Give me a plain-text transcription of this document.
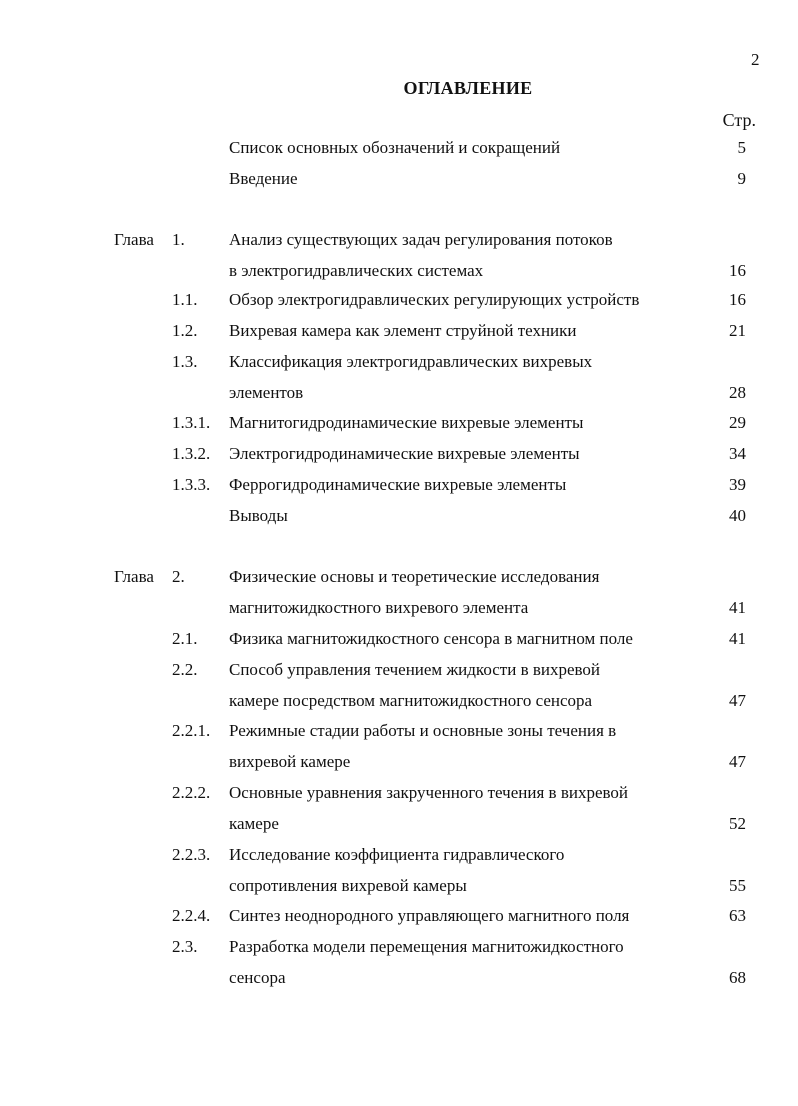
2
ОГЛАВЛЕНИЕ
Стр.
Список основных обозначений и сокращений	5
Введение	9
Глава 1.	Анализ существующих задач регулирования потоков
в электрогидравлических системах	16
1.1. Обзор электрогидравлических регулирующих устройств	16
1.2. Вихревая камера как элемент струйной техники	21
1.3. Классификация электрогидравлических вихревых
элементов	28
1.3.1. Магнитогидродинамические вихревые элементы	29
1.3.2. Электрогидродинамические вихревые элементы	34
1.3.3. Феррогидродинамические вихревые элементы	39
Выводы	40
Глава 2.	Физические основы и теоретические исследования
магнитожидкостного вихревого элемента	41
2.1. Физика магнитожидкостного сенсора в магнитном поле	41
2.2. Способ управления течением жидкости в вихревой
камере посредством магнитожидкостного сенсора	47
2.2.1. Режимные стадии работы и основные зоны течения в
вихревой камере	47
2.2.2. Основные уравнения закрученного течения в вихревой
камере	52
2.2.3. Исследование коэффициента гидравлического
сопротивления вихревой камеры	55
2.2.4. Синтез неоднородного управляющего магнитного поля	63
2.3. Разработка модели перемещения магнитожидкостного
сенсора	68
